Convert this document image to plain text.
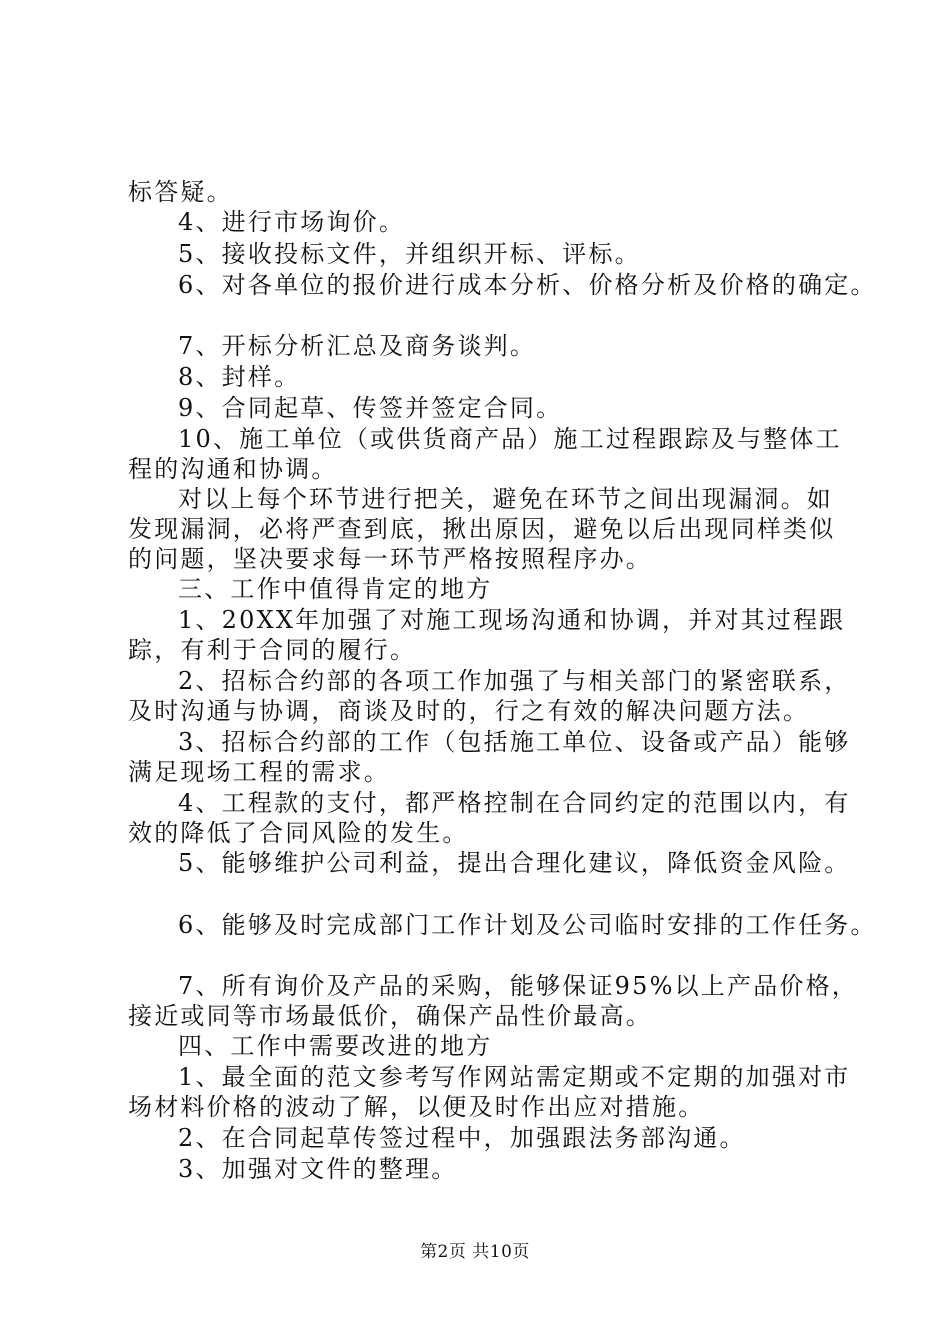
标答疑。
4、进行市场询价。
5、接收投标文件，并组织开标、评标。
6、对各单位的报价进行成本分析、价格分析及价格的确定。
7、开标分析汇总及商务谈判。
8、封样。
9、合同起草、传签并签定合同。
10、施工单位（或供货商产品）施工过程跟踪及与整体工
程的沟通和协调。
对以上每个环节进行把关，避免在环节之间出现漏洞。如
发现漏洞，必将严查到底，揪出原因，避免以后出现同样类似
的问题，坚决要求每一环节严格按照程序办。
三、工作中值得肯定的地方
1、20XX年加强了对施工现场沟通和协调，并对其过程跟
踪，有利于合同的履行。
2、招标合约部的各项工作加强了与相关部门的紧密联系，
及时沟通与协调，商谈及时的，行之有效的解决问题方法。
3、招标合约部的工作（包括施工单位、设备或产品）能够
满足现场工程的需求。
4、工程款的支付，都严格控制在合同约定的范围以内，有
效的降低了合同风险的发生。
5、能够维护公司利益，提出合理化建议，降低资金风险。
6、能够及时完成部门工作计划及公司临时安排的工作任务。
7、所有询价及产品的采购，能够保证95%以上产品价格，
接近或同等市场最低价，确保产品性价最高。
四、工作中需要改进的地方
1、最全面的范文参考写作网站需定期或不定期的加强对市
场材料价格的波动了解，以便及时作出应对措施。
2、在合同起草传签过程中，加强跟法务部沟通。
3、加强对文件的整理。
第2页 共10页
